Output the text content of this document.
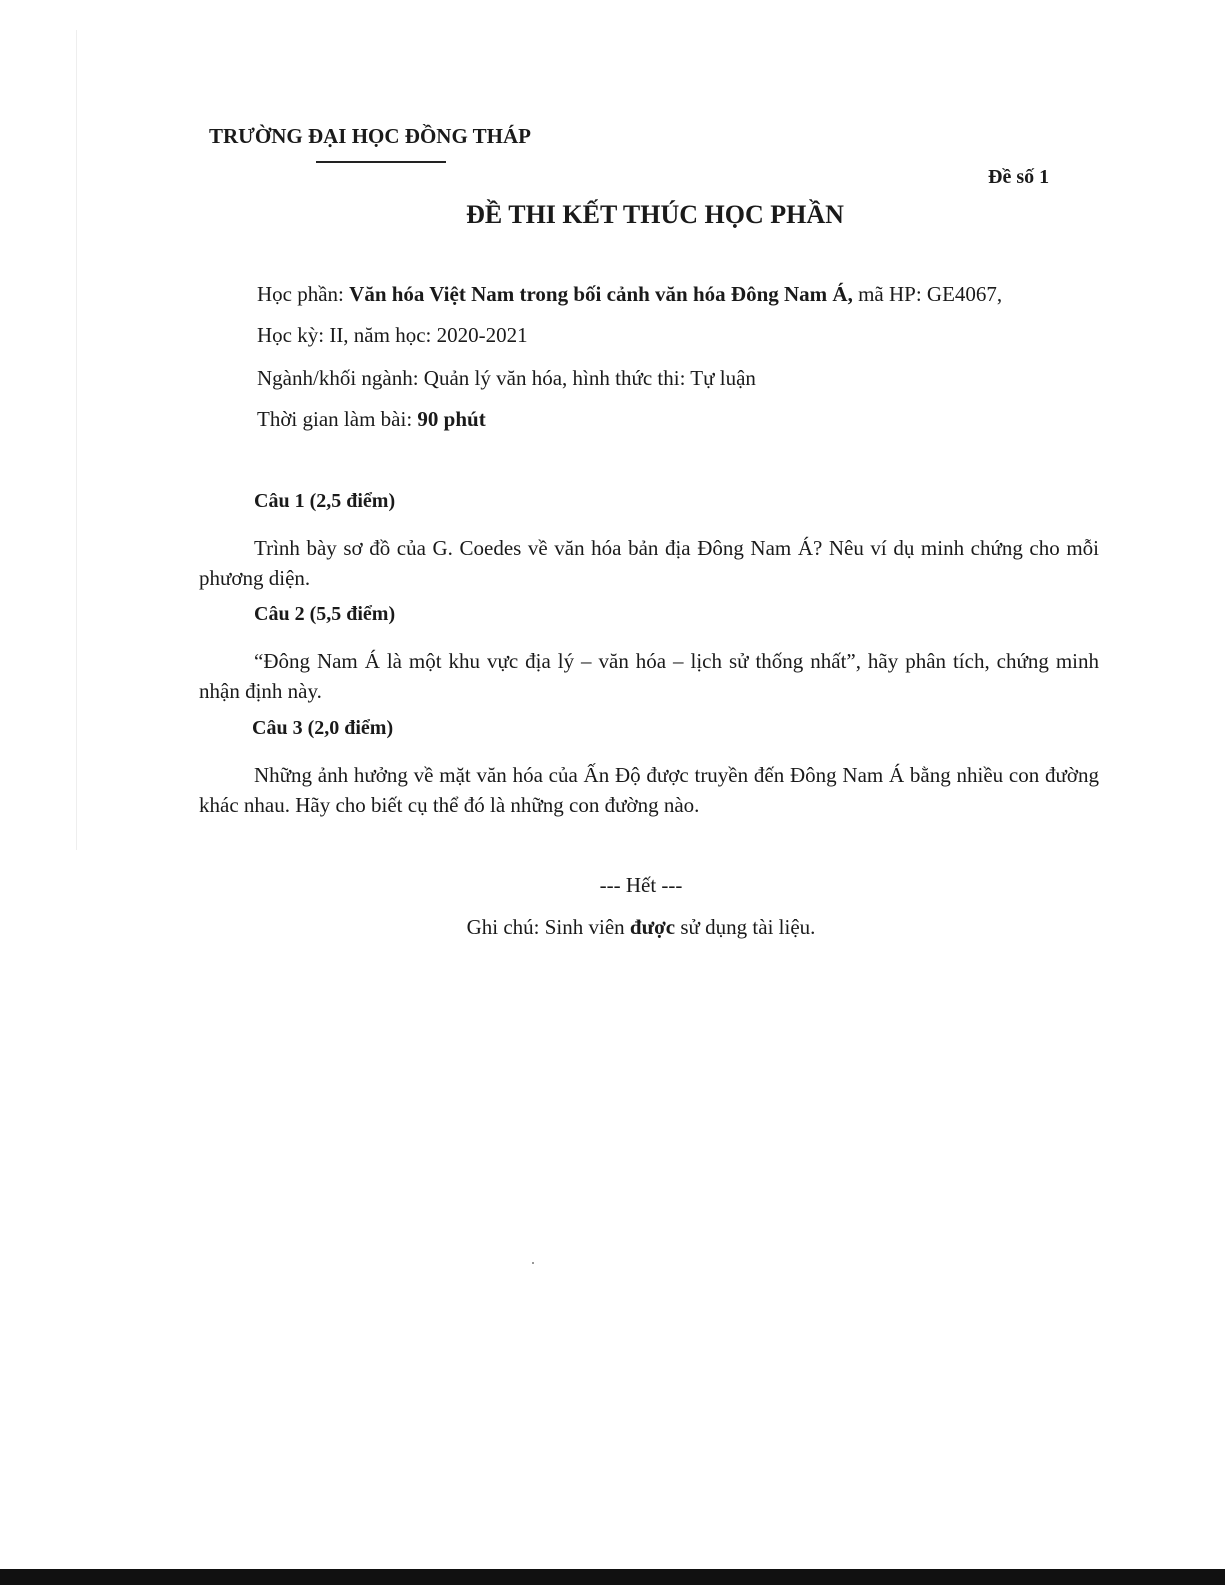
TRƯỜNG ĐẠI HỌC ĐỒNG THÁP
Đề số 1
ĐỀ THI KẾT THÚC HỌC PHẦN
Học phần: Văn hóa Việt Nam trong bối cảnh văn hóa Đông Nam Á, mã HP: GE4067,
Học kỳ: II, năm học: 2020-2021
Ngành/khối ngành: Quản lý văn hóa, hình thức thi: Tự luận
Thời gian làm bài: 90 phút
Câu 1 (2,5 điểm)
Trình bày sơ đồ của G. Coedes về văn hóa bản địa Đông Nam Á? Nêu ví dụ minh chứng cho mỗi phương diện.
Câu 2 (5,5 điểm)
“Đông Nam Á là một khu vực địa lý – văn hóa – lịch sử thống nhất”, hãy phân tích, chứng minh nhận định này.
Câu 3 (2,0 điểm)
Những ảnh hưởng về mặt văn hóa của Ấn Độ được truyền đến Đông Nam Á bằng nhiều con đường khác nhau. Hãy cho biết cụ thể đó là những con đường nào.
--- Hết ---
Ghi chú: Sinh viên được sử dụng tài liệu.
